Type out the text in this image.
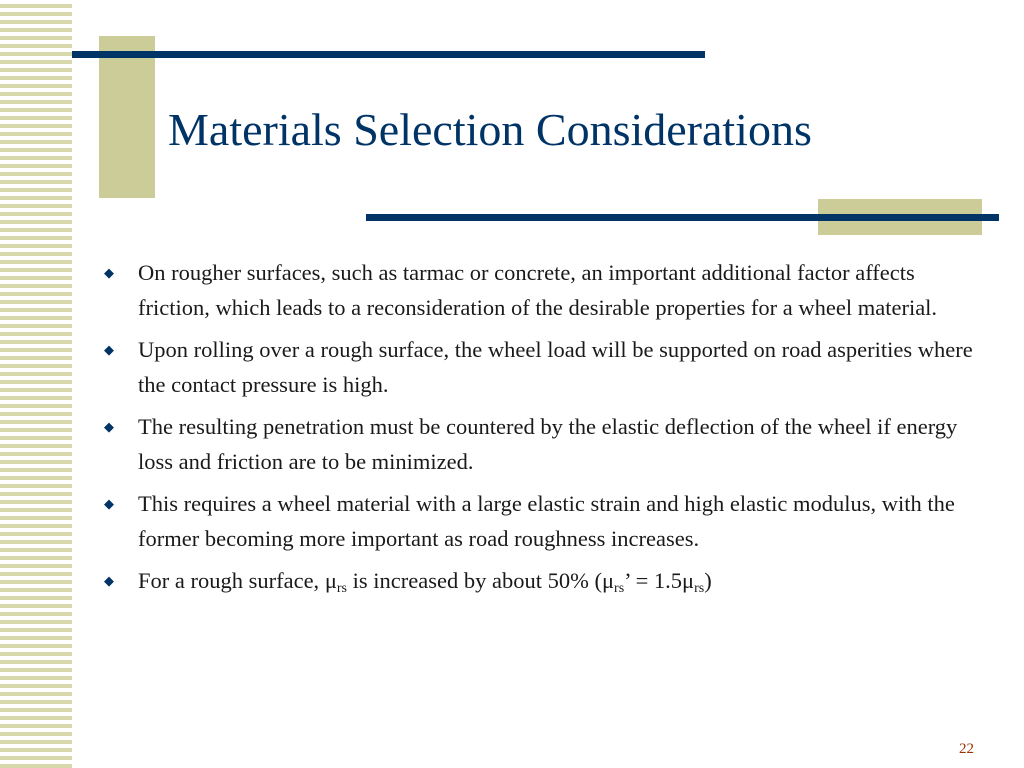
Materials Selection Considerations
◆ On rougher surfaces, such as tarmac or concrete, an important additional factor affects friction, which leads to a reconsideration of the desirable properties for a wheel material.
◆ Upon rolling over a rough surface, the wheel load will be supported on road asperities where the contact pressure is high.
◆ The resulting penetration must be countered by the elastic deflection of the wheel if energy loss and friction are to be minimized.
◆ This requires a wheel material with a large elastic strain and high elastic modulus, with the former becoming more important as road roughness increases.
◆ For a rough surface, $\mu_{rs}$ is increased by about 50% ($\mu_{rs}$’ = $1.5\mu_{rs}$)
22
